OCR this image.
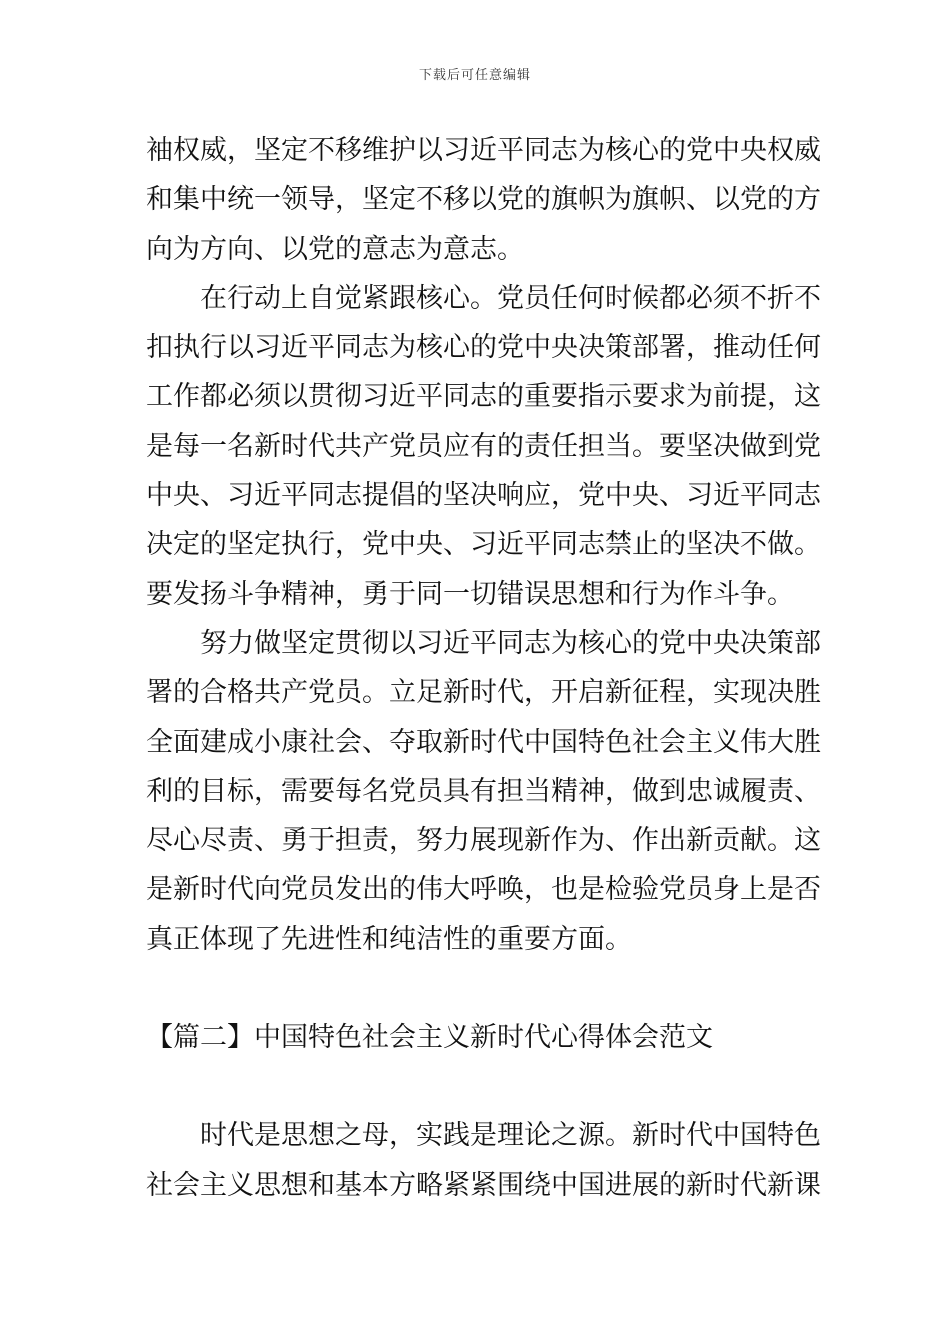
下载后可任意编辑
袖权威，坚定不移维护以习近平同志为核心的党中央权威
和集中统一领导，坚定不移以党的旗帜为旗帜、以党的方
向为方向、以党的意志为意志。
在行动上自觉紧跟核心。党员任何时候都必须不折不
扣执行以习近平同志为核心的党中央决策部署，推动任何
工作都必须以贯彻习近平同志的重要指示要求为前提，这
是每一名新时代共产党员应有的责任担当。要坚决做到党
中央、习近平同志提倡的坚决响应，党中央、习近平同志
决定的坚定执行，党中央、习近平同志禁止的坚决不做。
要发扬斗争精神，勇于同一切错误思想和行为作斗争。
努力做坚定贯彻以习近平同志为核心的党中央决策部
署的合格共产党员。立足新时代，开启新征程，实现决胜
全面建成小康社会、夺取新时代中国特色社会主义伟大胜
利的目标，需要每名党员具有担当精神，做到忠诚履责、
尽心尽责、勇于担责，努力展现新作为、作出新贡献。这
是新时代向党员发出的伟大呼唤，也是检验党员身上是否
真正体现了先进性和纯洁性的重要方面。
【篇二】中国特色社会主义新时代心得体会范文
时代是思想之母，实践是理论之源。新时代中国特色
社会主义思想和基本方略紧紧围绕中国进展的新时代新课
